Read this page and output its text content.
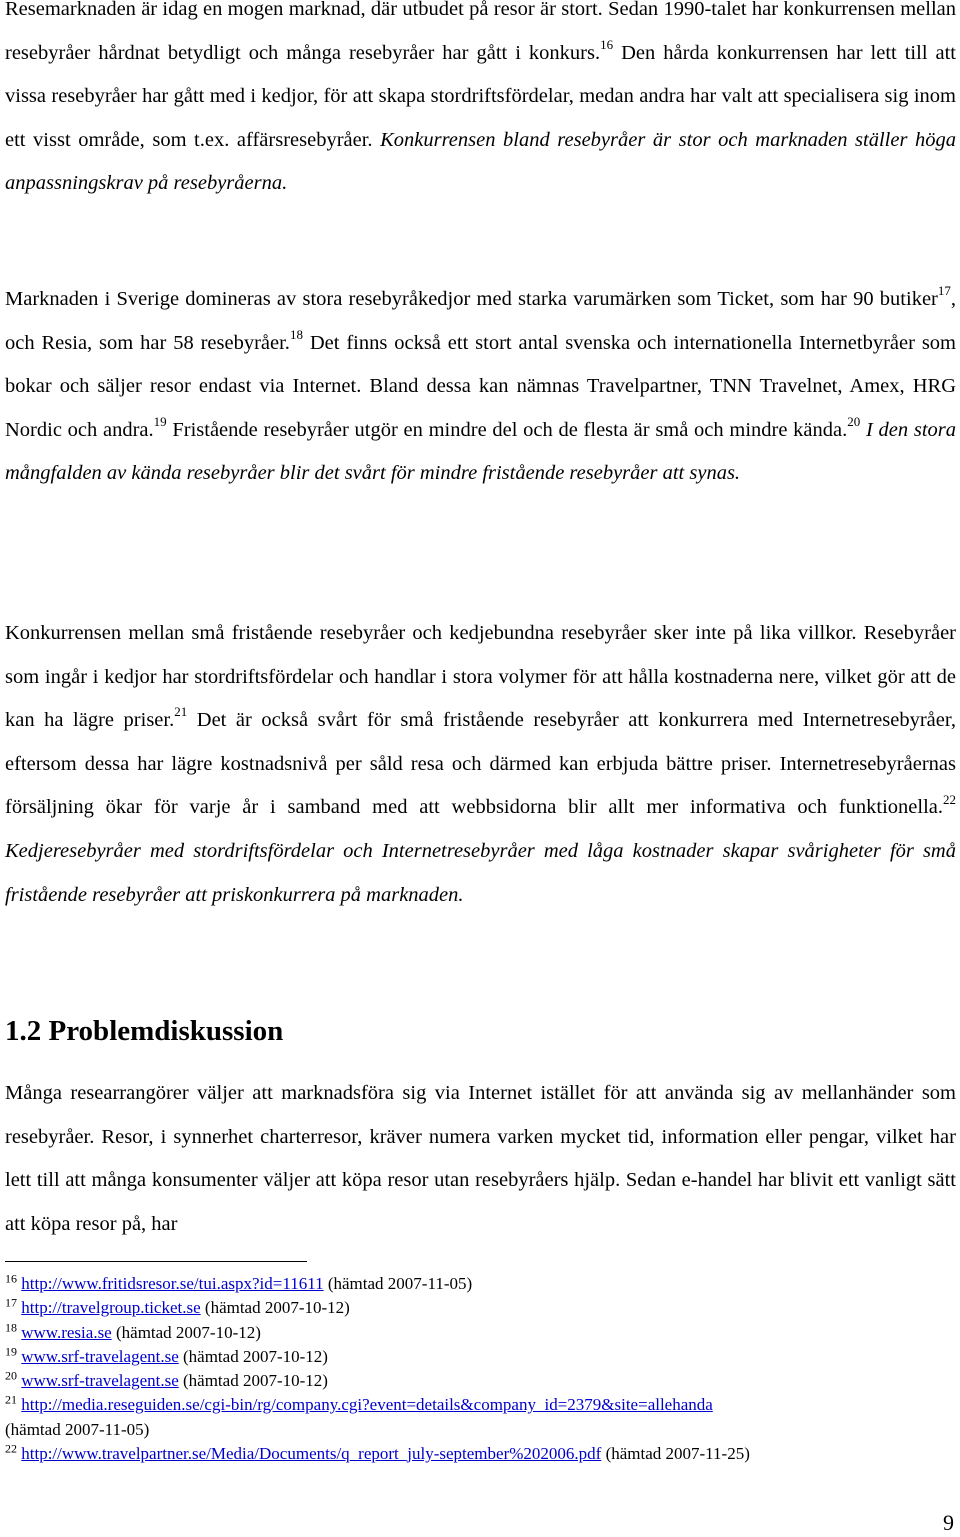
Resemarknaden är idag en mogen marknad, där utbudet på resor är stort. Sedan 1990-talet har konkurrensen mellan resebyråer hårdnat betydligt och många resebyråer har gått i konkurs.$^{16}$ Den hårda konkurrensen har lett till att vissa resebyråer har gått med i kedjor, för att skapa stordriftsfördelar, medan andra har valt att specialisera sig inom ett visst område, som t.ex. affärsresebyråer. Konkurrensen bland resebyråer är stor och marknaden ställer höga anpassningskrav på resebyråerna.

Marknaden i Sverige domineras av stora resebyråkedjor med starka varumärken som Ticket, som har 90 butiker$^{17}$, och Resia, som har 58 resebyråer.$^{18}$ Det finns också ett stort antal svenska och internationella Internetbyråer som bokar och säljer resor endast via Internet. Bland dessa kan nämnas Travelpartner, TNN Travelnet, Amex, HRG Nordic och andra.$^{19}$ Fristående resebyråer utgör en mindre del och de flesta är små och mindre kända.$^{20}$ I den stora mångfalden av kända resebyråer blir det svårt för mindre fristående resebyråer att synas.

Konkurrensen mellan små fristående resebyråer och kedjebundna resebyråer sker inte på lika villkor. Resebyråer som ingår i kedjor har stordriftsfördelar och handlar i stora volymer för att hålla kostnaderna nere, vilket gör att de kan ha lägre priser.$^{21}$ Det är också svårt för små fristående resebyråer att konkurrera med Internetresebyråer, eftersom dessa har lägre kostnadsnivå per såld resa och därmed kan erbjuda bättre priser. Internetresebyråernas försäljning ökar för varje år i samband med att webbsidorna blir allt mer informativa och funktionella.$^{22}$ Kedjeresebyråer med stordriftsfördelar och Internetresebyråer med låga kostnader skapar svårigheter för små fristående resebyråer att priskonkurrera på marknaden.

1.2 Problemdiskussion

Många researrangörer väljer att marknadsföra sig via Internet istället för att använda sig av mellanhänder som resebyråer. Resor, i synnerhet charterresor, kräver numera varken mycket tid, information eller pengar, vilket har lett till att många konsumenter väljer att köpa resor utan resebyråers hjälp. Sedan e-handel har blivit ett vanligt sätt att köpa resor på, har

$^{16}$ http://www.fritidsresor.se/tui.aspx?id=11611 (hämtad 2007-11-05)

$^{17}$ http://travelgroup.ticket.se (hämtad 2007-10-12)

$^{18}$ www.resia.se (hämtad 2007-10-12)

$^{19}$ www.srf-travelagent.se (hämtad 2007-10-12)

$^{20}$ www.srf-travelagent.se (hämtad 2007-10-12)

$^{21}$ http://media.reseguiden.se/cgi-bin/rg/company.cgi?event=details&company_id=2379&site=allehanda
(hämtad 2007-11-05)

$^{22}$ http://www.travelpartner.se/Media/Documents/q_report_july-september%202006.pdf (hämtad 2007-11-25)

9
